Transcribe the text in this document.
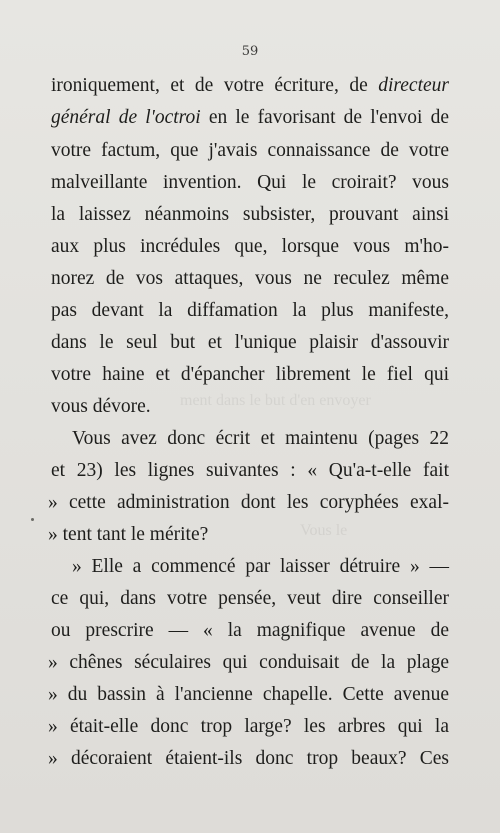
59
ment dans le but d'en envoyer
Vous le
ironiquement, et de votre écriture, de directeur
général de l'octroi en le favorisant de l'envoi de
votre factum, que j'avais connaissance de votre
malveillante invention. Qui le croirait? vous
la laissez néanmoins subsister, prouvant ainsi
aux plus incrédules que, lorsque vous m'ho-
norez de vos attaques, vous ne reculez même
pas devant la diffamation la plus manifeste,
dans le seul but et l'unique plaisir d'assouvir
votre haine et d'épancher librement le fiel qui
vous dévore.
Vous avez donc écrit et maintenu (pages 22
et 23) les lignes suivantes : « Qu'a-t-elle fait
» cette administration dont les coryphées exal-
» tent tant le mérite?
» Elle a commencé par laisser détruire » —
ce qui, dans votre pensée, veut dire conseiller
ou prescrire — « la magnifique avenue de
» chênes séculaires qui conduisait de la plage
» du bassin à l'ancienne chapelle. Cette avenue
» était-elle donc trop large? les arbres qui la
» décoraient étaient-ils donc trop beaux? Ces
